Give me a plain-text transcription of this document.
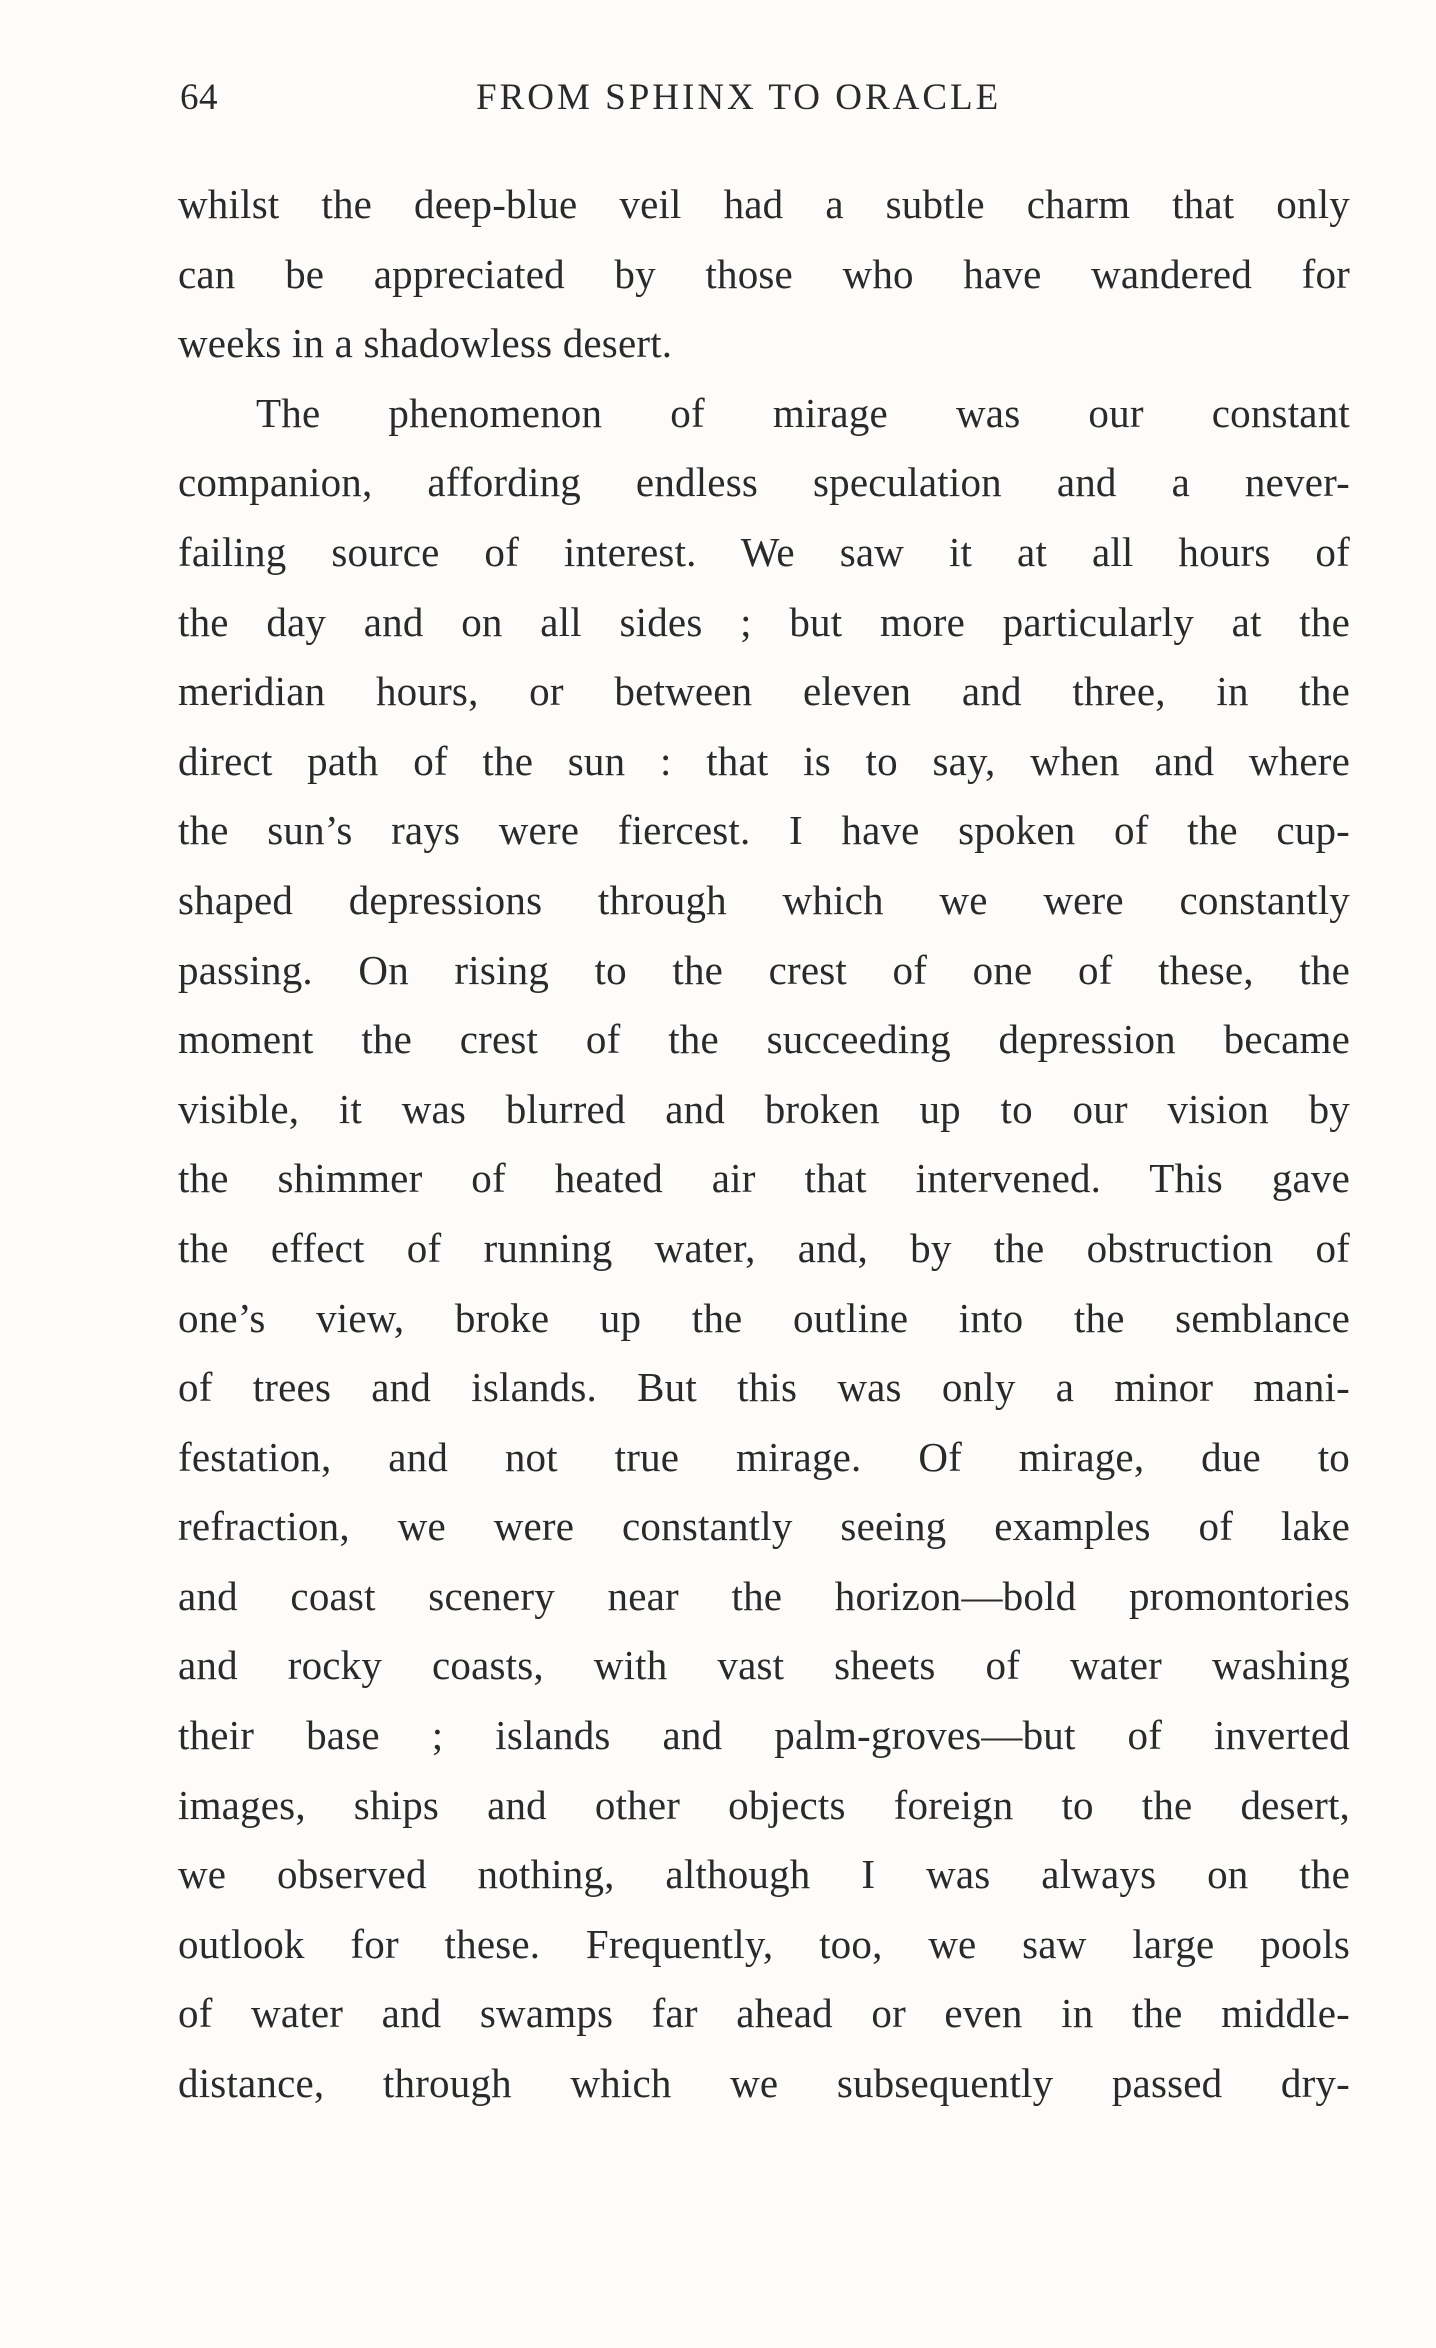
64	FROM SPHINX TO ORACLE
whilst the deep-blue veil had a subtle charm that only
can be appreciated by those who have wandered for
weeks in a shadowless desert.
The phenomenon of mirage was our constant
companion, affording endless speculation and a never-
failing source of interest. We saw it at all hours of
the day and on all sides ; but more particularly at the
meridian hours, or between eleven and three, in the
direct path of the sun : that is to say, when and where
the sun’s rays were fiercest. I have spoken of the cup-
shaped depressions through which we were constantly
passing. On rising to the crest of one of these, the
moment the crest of the succeeding depression became
visible, it was blurred and broken up to our vision by
the shimmer of heated air that intervened. This gave
the effect of running water, and, by the obstruction of
one’s view, broke up the outline into the semblance
of trees and islands. But this was only a minor mani-
festation, and not true mirage. Of mirage, due to
refraction, we were constantly seeing examples of lake
and coast scenery near the horizon—bold promontories
and rocky coasts, with vast sheets of water washing
their base ; islands and palm-groves—but of inverted
images, ships and other objects foreign to the desert,
we observed nothing, although I was always on the
outlook for these. Frequently, too, we saw large pools
of water and swamps far ahead or even in the middle-
distance, through which we subsequently passed dry-
